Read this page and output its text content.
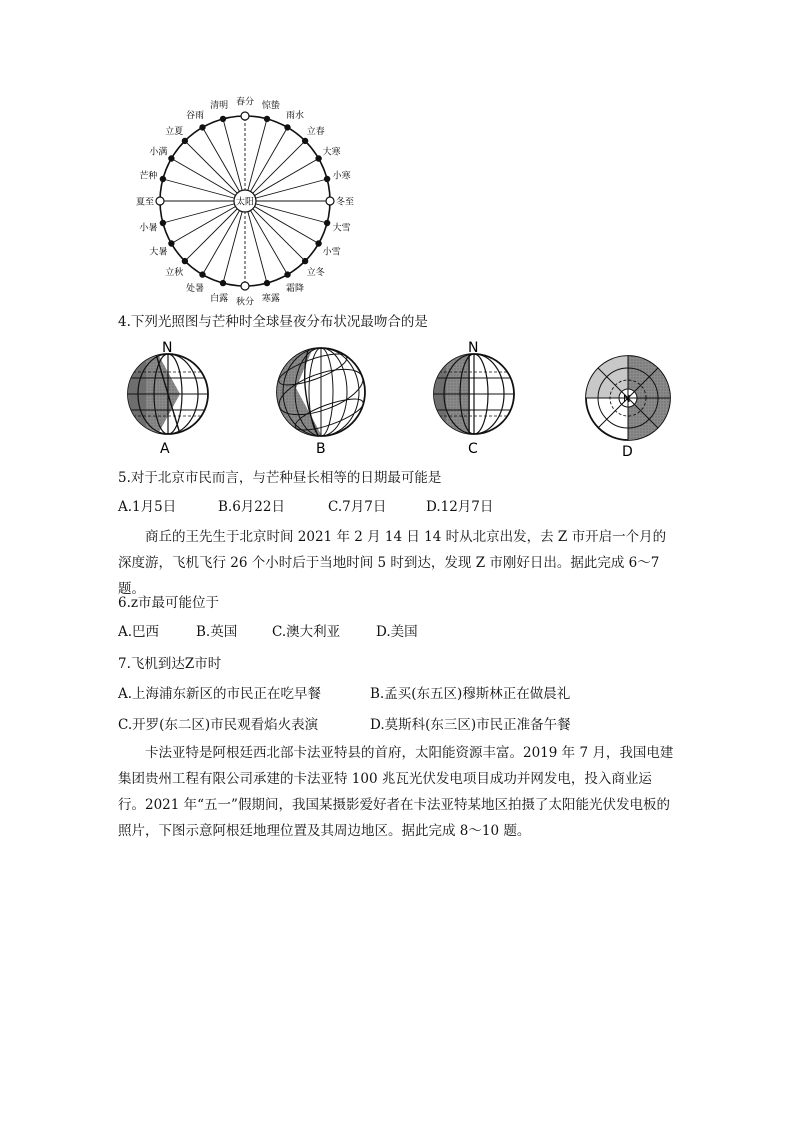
太阳
春分 惊蛰
雨水
立春
大寒
小寒
冬至
大雪
小雪
立冬
霜降
寒露
秋分
白露
处暑
立秋
大暑
小暑
夏至
芒种
小满
立夏
谷雨
清明
N
A	B
N
C
N
D
4.下列光照图与芒种时全球昼夜分布状况最吻合的是
5.对于北京市民而言，与芒种昼长相等的日期最可能是
A.1月5日	B.6月22日	C.7月7日	D.12月7日
商丘的王先生于北京时间 2021 年 2 月 14 日 14 时从北京出发，去 Z 市开启一个月的深度游，飞机飞行 26 个小时后于当地时间 5 时到达，发现 Z 市刚好日出。据此完成 6～7 题。
6.z市最可能位于
A.巴西	B.英国	C.澳大利亚	D.美国
7.飞机到达Z市时
A.上海浦东新区的市民正在吃早餐	B.孟买(东五区)穆斯林正在做晨礼
C.开罗(东二区)市民观看焰火表演	D.莫斯科(东三区)市民正准备午餐
卡法亚特是阿根廷西北部卡法亚特县的首府，太阳能资源丰富。2019 年 7 月，我国电建集团贵州工程有限公司承建的卡法亚特 100 兆瓦光伏发电项目成功并网发电，投入商业运行。2021 年“五一”假期间，我国某摄影爱好者在卡法亚特某地区拍摄了太阳能光伏发电板的照片，下图示意阿根廷地理位置及其周边地区。据此完成 8～10 题。
